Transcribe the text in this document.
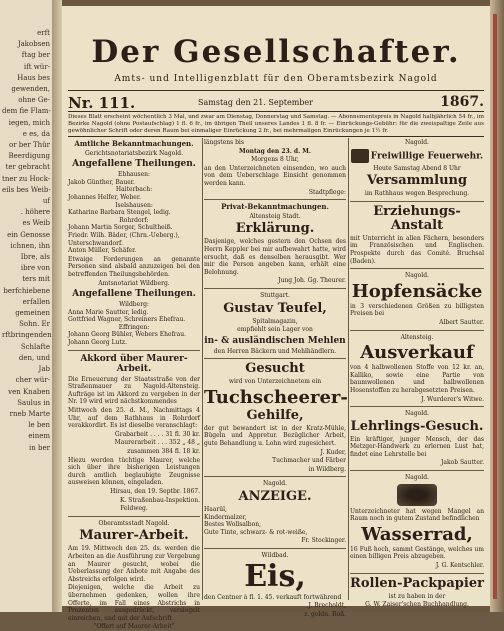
erft
Jakobsen
ftag ber
ift wür-
Haus bes
gewenden,
ohne Ge-
dem fie Flam-
iegen, mich
e es, da
or ber Thür
Beerdigung
ter gebracht
tner zu Hock-
eils bes Weib-
uf
. höhere
es Weib
ein Genosse
ichnen, ihn
Ibre, als
ibre von
ters mit
berfchiebene
erfallen
gemeinen
Sohn. Er
rftbringenden
Schlafte
den, und
Jab
cher wür-
ven Knaben
Saulus in
rneb Marte
le ben
einem
in ber
Der Gesellschafter.
Amts- und Intelligenzblatt für den Oberamtsbezirk Nagold
Nr. 111.	Samstag den 21. September	1867.
Dieses Blatt erscheint wöchentlich 3 Mal, und zwar am Dienstag, Donnerstag und Samstag. — Abonnementspreis in Nagold halbjährlich 54 fr., im Bezirke Nagold (ohne Postaufschlag) 1 fl. 6 fr., im übrigen Theil unseres Landes 1 fl. 8 fr. — Einrückungs-Gebühr: für die zweispaltige Zeile aus gewöhnlicher Schrift oder deren Raum bei einmaliger Einrückung 2 fr., bei mehrmaligen Einrückungen je 1½ fr.
Amtliche Bekanntmachungen.
Gerichtsnotariatsbezirk Nagold.
Angefallene Theilungen.
Ebhausen:
Jakob Günther, Bauer.
Haiterbach:
Johannes Helfer, Weber.
Iselshausen:
Katharine Barbara Stengel, ledig.
Rohrdorf:
Johann Martin Sorger, Schultheiß.
Friedr. Wilh. Bäder, (Chrn.-Ueberg.),
Unterschwandorf.
Anton Müller, Schäfer.
Etwaige Forderungen an genannte Personen sind alsbald anzuzeigen bei den betreffenden Theilungsbehörden.
Amtsnotariat Wildberg.
Angefallene Theilungen.
Wildberg:
Anna Marie Sautter, ledig.
Gottfried Wagner, Schreiners Ehefrau.
Effringen:
Johann Georg Bühler, Webers Ehefrau.
Johann Georg Lutz.
Akkord über Maurer-Arbeit.
Die Erneuerung der Staatsstraße von der Straßenmauer zu Nagold-Altensteig. Aufträge ist im Akkord zu vergeben in der Nr. 19 wird wird nächstkommendes
Mittwoch den 25. d. M., Nachmittags 4 Uhr, auf dem Rathhaus in Rohrdorf verakkordirt. Es ist dieselbe veranschlagt:
Grabarbeit . . . . 31 fl. 30 kr.
Maurerarbeit . . . 352 „ 48 „
zusammen 384 fl. 18 kr.
Hiezu werden tüchtige Maurer, welche sich über ihre bisherigen Leistungen durch amtlich beglaubigte Zeugnisse ausweisen können, eingeladen.
Hirsau, den 19. Septbr. 1867.
K. Straßenbau-Inspektion.
Feldweg.
Oberamtsstadt Nagold.
Maurer-Arbeit.
Am 19. Mittwoch den 25. ds. werden die Arbeiten an die Ausführung zur Vergebung an Maurer gesucht, wobei die Ueberlassung der Anbote mit Angabe des Abstreichs erfolgen wird.
Diejenigen, welche die Arbeit zu übernehmen gedenken, wollen ihre Offerte, im Fall eines Abstrichs in Prozenten ausgedrückt, versiegelt einreichen, und mit der Aufschrift
"Offert auf Maurer-Arbeit"
längstens bis
Montag den 23. d. M.
Morgens 8 Uhr,
an den Unterzeichneten einsenden, wo auch von dem Ueberschlage Einsicht genommen werden kann.
Stadtpflege:
Privat-Bekanntmachungen.
Altensteig Stadt.
Erklärung.
Dasjenige, welches gestern den Ochsen des Herrn Keppler bei mir aufbewahrt hatte, wird ersucht, daß es denselben herausgibt. Wer mir die Person angeben kann, erhält eine Belohnung.
Jung Joh. Gg. Theurer.
Stuttgart.
Gustav Teufel,
Spitalmagazin,
empfiehlt sein Lager von
in- & ausländischen Mehlen
den Herren Bäckern und Mehlhändlern.
Gesucht
wird von Unterzeichnetem ein
Tuchscheerer-
Gehilfe,
der gut bewandert ist in der Kratz-Mühle, Bügeln und Appretur. Bezüglicher Arbeit, gute Behandlung u. Lohn wird zugesichert.
J. Kuder,
Tuchmacher und Färber
in Wildberg.
Nagold.
ANZEIGE.
Haarül,
Kindermalzer,
Bestes Wollsalbon,
Gute Tinte, schwarz- & rot-weiße,
Fr. Stockinger.
Wildbad.
Eis,
den Centner à fl. 1. 45. verkauft fortwährend
J. Brecholdt,
z. goldn. Roß.
Nagold.
Freiwillige Feuerwehr.
Heute Samstag Abend 8 Uhr
Versammlung
im Rathhaus wegen Besprechung.
Erziehungs-Anstalt
mit Unterricht in allen Fächern, besonders im Französischen und Englischen. Prospekte durch das Comité. Bruchsal (Baden).
Nagold.
Hopfensäcke
in 3 verschiedenen Größen zu billigsten Preisen bei
Albert Sautter.
Altensteig.
Ausverkauf
von 4 halbwollenen Stoffe von 12 kr. an, Kalliko, sowie eine Partie von baumwollenen und halbwollenen Hosenstoffen zu herabgesetzten Preisen.
J. Wurderer's Witwe.
Nagold.
Lehrlings-Gesuch.
Ein kräftiger, junger Mensch, der das Metzger-Handwerk zu erlernen Lust hat, findet eine Lehrstelle bei
Jakob Sautter.
Nagold.
Unterzeichneter hat wegen Mangel an Raum noch in gutem Zustand befindlichen
Wasserrad,
16 Fuß hoch, sammt Gestänge, welches um einen billigen Preis abzugeben.
J. G. Kentschler.
Rollen-Packpapier
ist zu haben in der
G. W. Zaiser'schen Buchhandlung.
